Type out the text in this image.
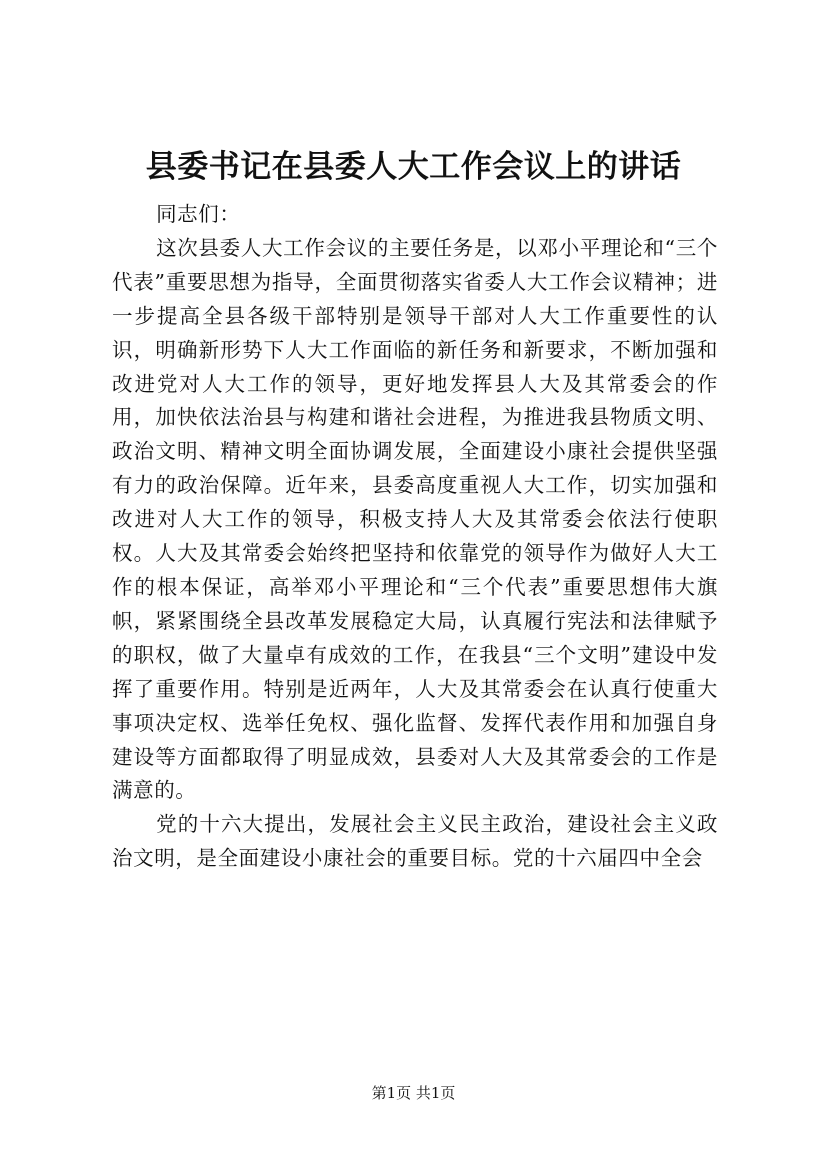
县委书记在县委人大工作会议上的讲话

同志们：

这次县委人大工作会议的主要任务是，以邓小平理论和“三个代表”重要思想为指导，全面贯彻落实省委人大工作会议精神；进一步提高全县各级干部特别是领导干部对人大工作重要性的认识，明确新形势下人大工作面临的新任务和新要求，不断加强和改进党对人大工作的领导，更好地发挥县人大及其常委会的作用，加快依法治县与构建和谐社会进程，为推进我县物质文明、政治文明、精神文明全面协调发展，全面建设小康社会提供坚强有力的政治保障。近年来，县委高度重视人大工作，切实加强和改进对人大工作的领导，积极支持人大及其常委会依法行使职权。人大及其常委会始终把坚持和依靠党的领导作为做好人大工作的根本保证，高举邓小平理论和“三个代表”重要思想伟大旗帜，紧紧围绕全县改革发展稳定大局，认真履行宪法和法律赋予的职权，做了大量卓有成效的工作，在我县“三个文明”建设中发挥了重要作用。特别是近两年，人大及其常委会在认真行使重大事项决定权、选举任免权、强化监督、发挥代表作用和加强自身建设等方面都取得了明显成效，县委对人大及其常委会的工作是满意的。

党的十六大提出，发展社会主义民主政治，建设社会主义政治文明，是全面建设小康社会的重要目标。党的十六届四中全会

第1页 共1页
